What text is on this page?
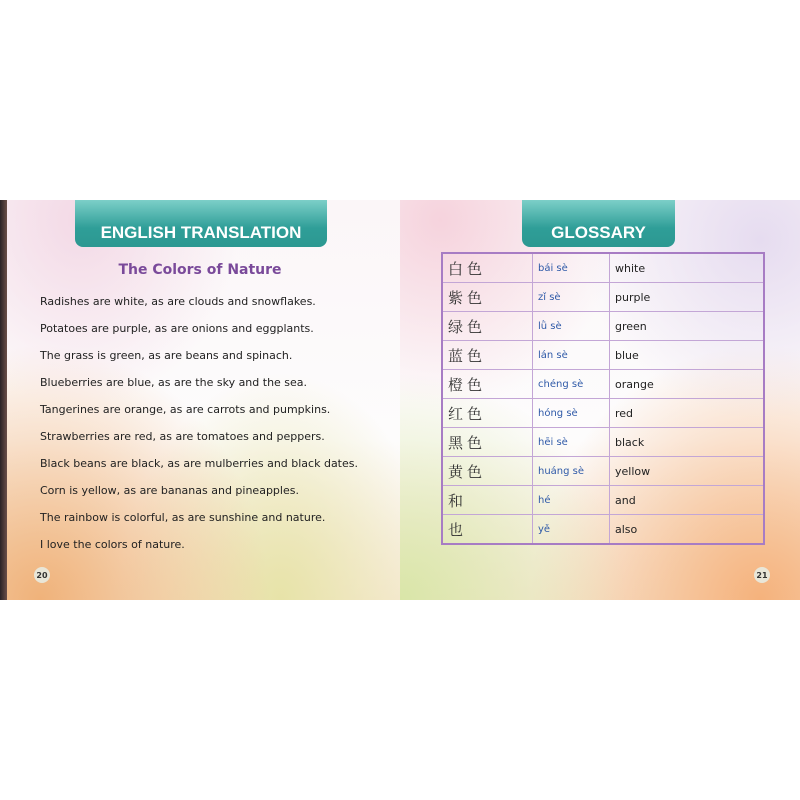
ENGLISH TRANSLATION
The Colors of Nature
Radishes are white, as are clouds and snowflakes.
Potatoes are purple, as are onions and eggplants.
The grass is green, as are beans and spinach.
Blueberries are blue, as are the sky and the sea.
Tangerines are orange, as are carrots and pumpkins.
Strawberries are red, as are tomatoes and peppers.
Black beans are black, as are mulberries and black dates.
Corn is yellow, as are bananas and pineapples.
The rainbow is colorful, as are sunshine and nature.
I love the colors of nature.
20
GLOSSARY
白色	bái sè	white
紫色	zǐ sè	purple
绿色	lǜ sè	green
蓝色	lán sè	blue
橙色	chéng sè	orange
红色	hóng sè	red
黑色	hēi sè	black
黄色	huáng sè	yellow
和	hé	and
也	yě	also
21
